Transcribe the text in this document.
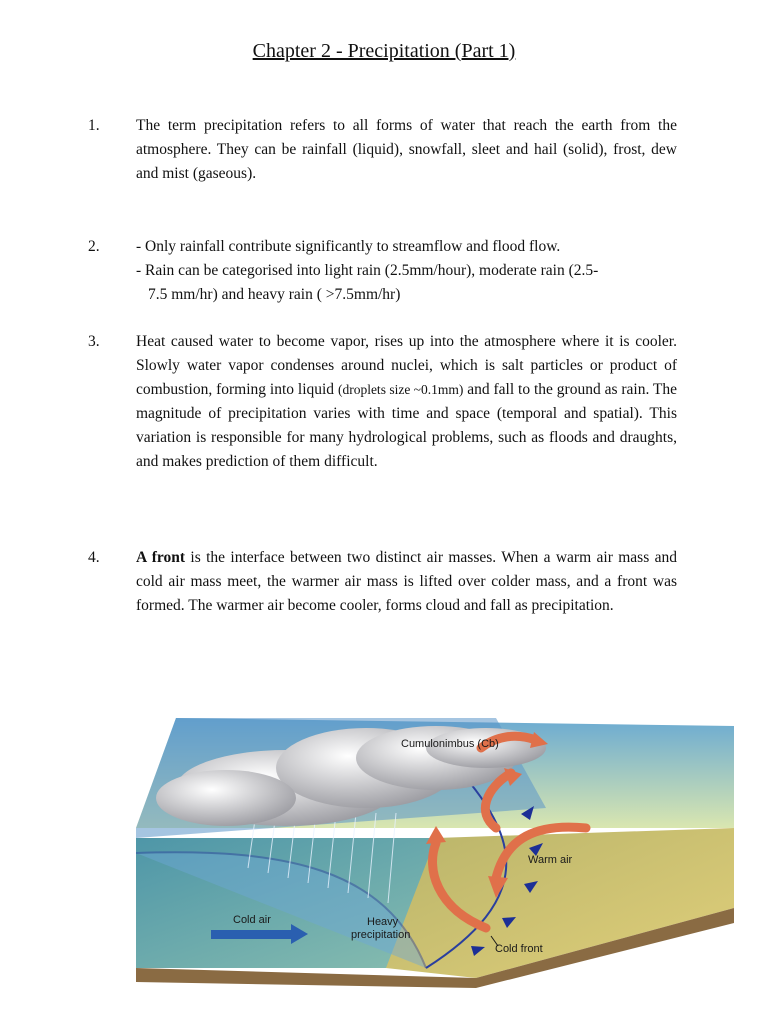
Chapter 2 - Precipitation (Part 1)
1. The term precipitation refers to all forms of water that reach the earth from the atmosphere. They can be rainfall (liquid), snowfall, sleet and hail (solid), frost, dew and mist (gaseous).

2. - Only rainfall contribute significantly to streamflow and flood flow.

- Rain can be categorised into light rain (2.5mm/hour), moderate rain (2.5-

7.5 mm/hr) and heavy rain ( >7.5mm/hr)

3. Heat caused water to become vapor, rises up into the atmosphere where it is cooler. Slowly water vapor condenses around nuclei, which is salt particles or product of combustion, forming into liquid (droplets size ~0.1mm) and fall to the ground as rain. The magnitude of precipitation varies with time and space (temporal and spatial). This variation is responsible for many hydrological problems, such as floods and draughts, and makes prediction of them difficult.

4. A front is the interface between two distinct air masses. When a warm air mass and cold air mass meet, the warmer air mass is lifted over colder mass, and a front was formed. The warmer air become cooler, forms cloud and fall as precipitation.

Cumulonimbus (Cb)
Warm air
Cold air	Heavy
precipitation
Cold front
